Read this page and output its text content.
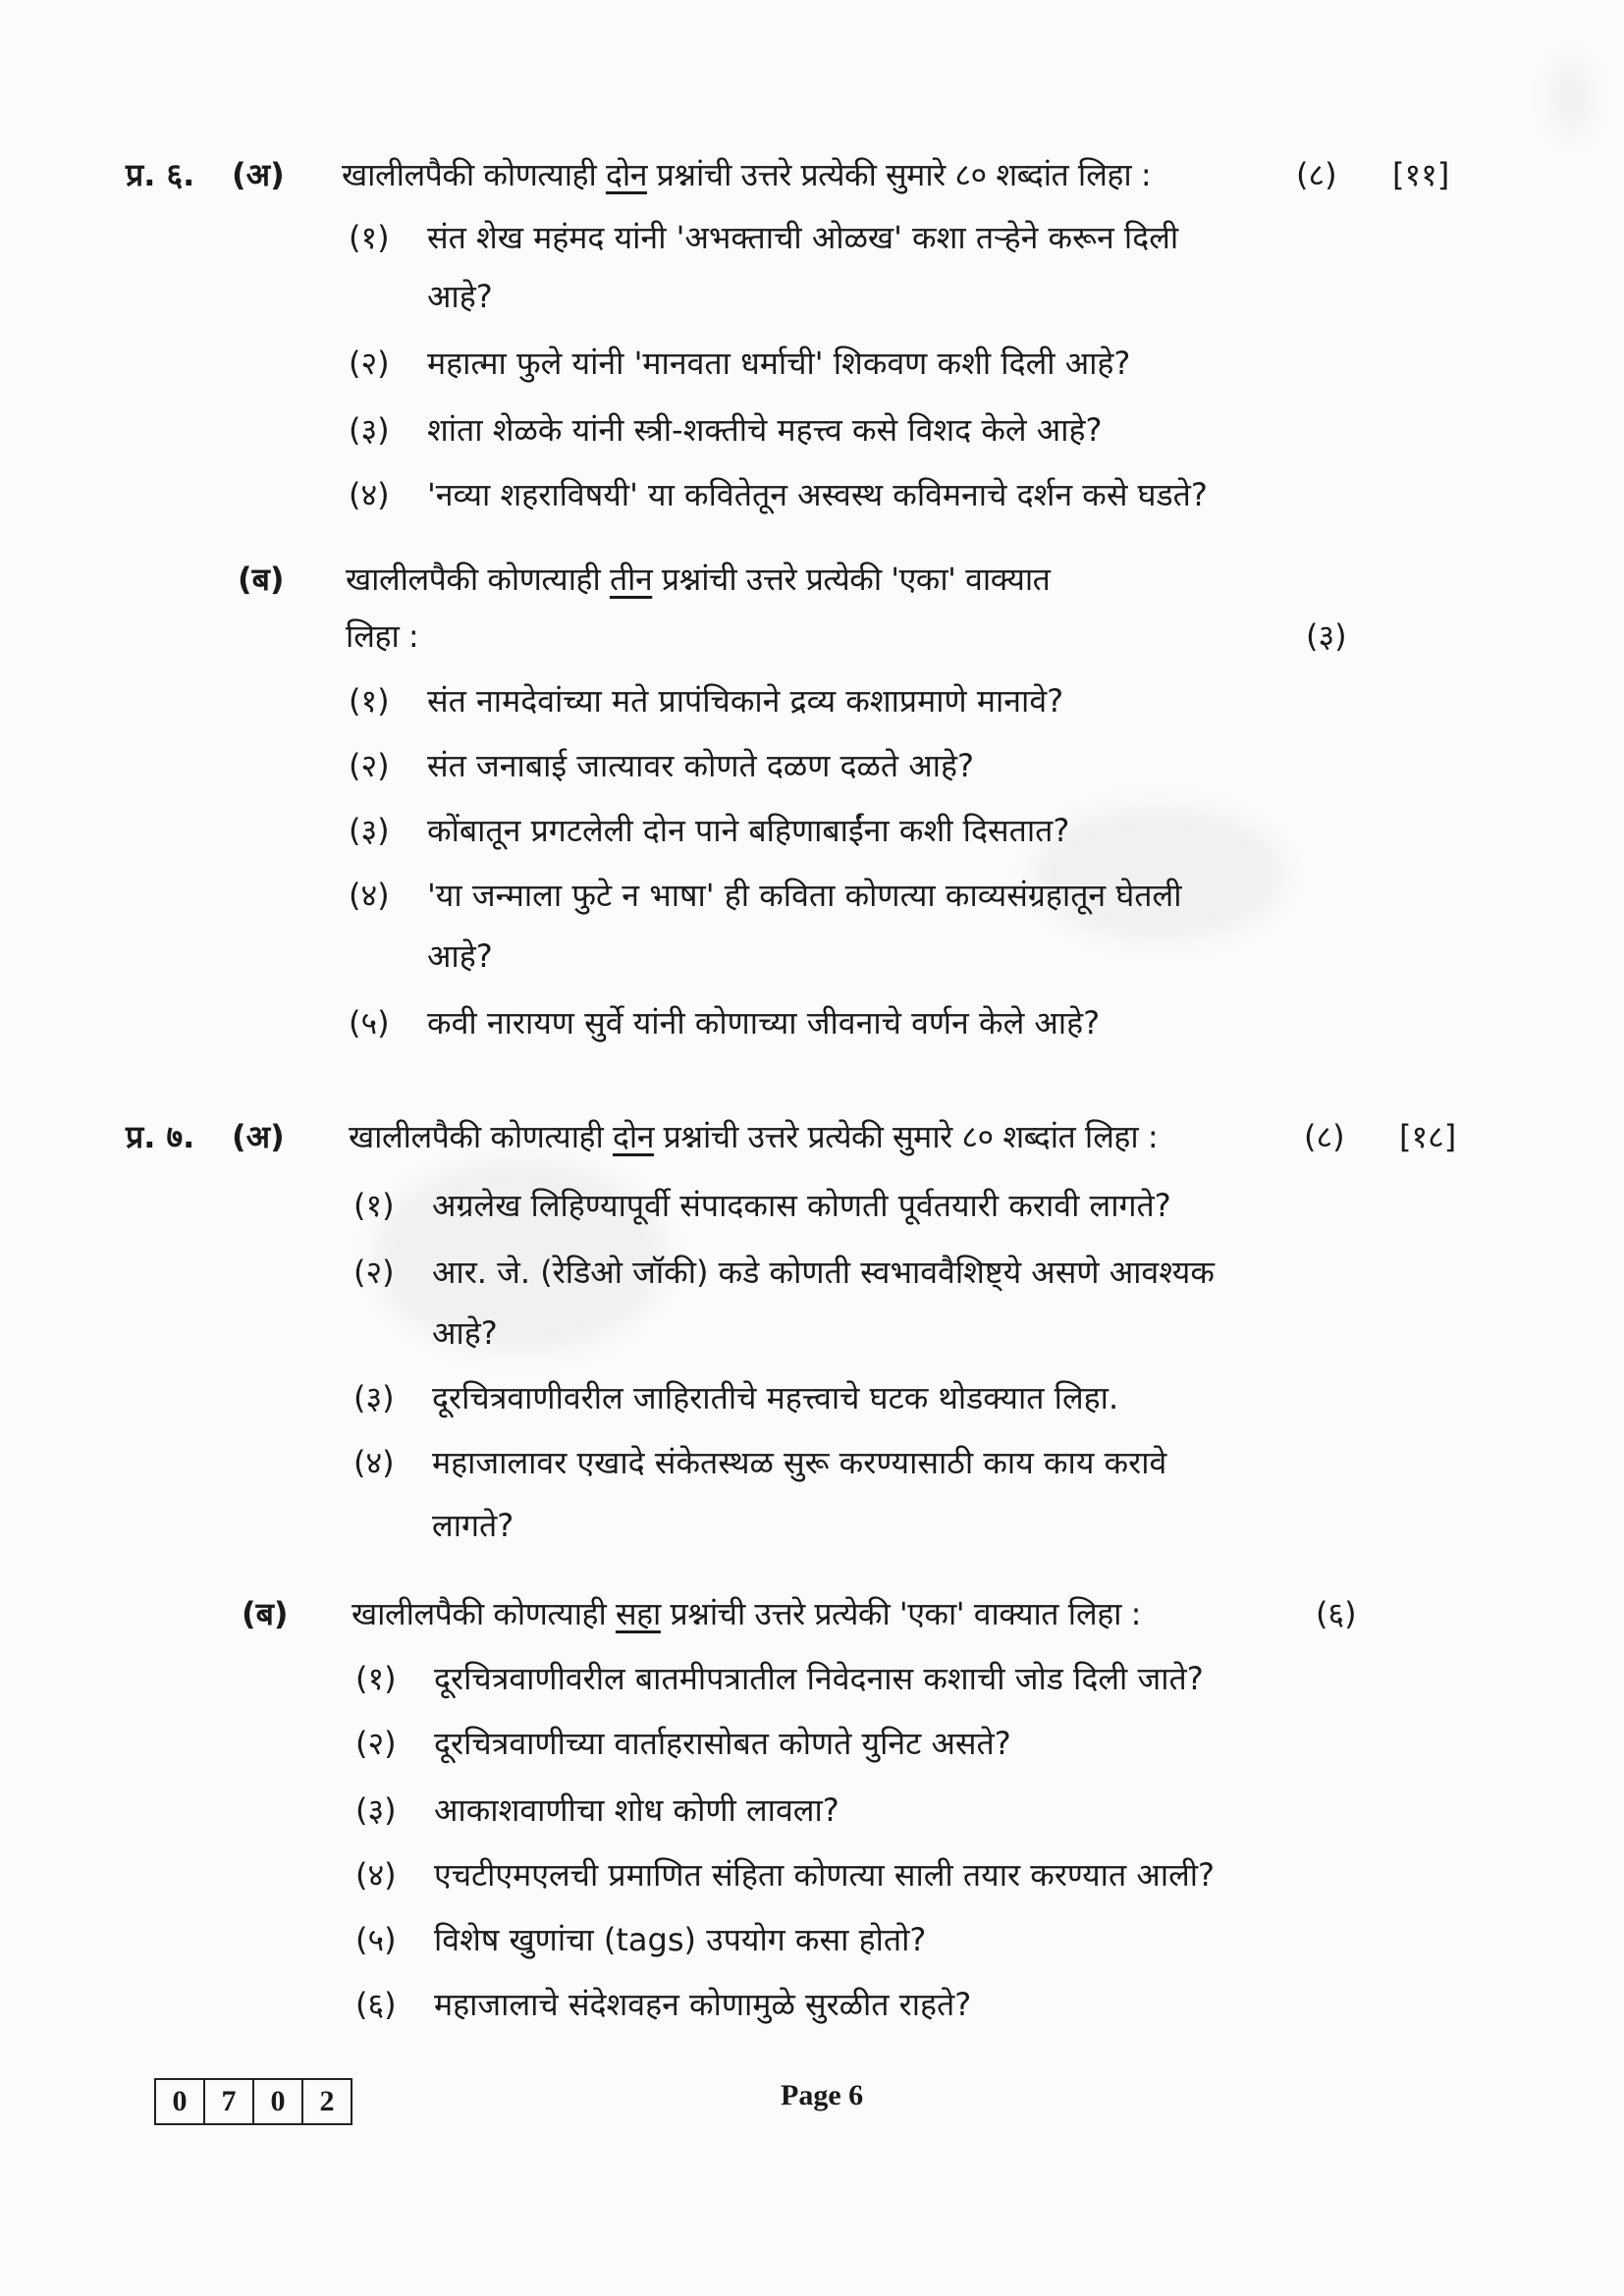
प्र. ६. (अ) खालीलपैकी कोणत्याही दोन प्रश्नांची उत्तरे प्रत्येकी सुमारे ८० शब्दांत लिहा :	(८) [११]
(१) संत शेख महंमद यांनी 'अभक्ताची ओळख' कशा तऱ्हेने करून दिली
आहे?
(२) महात्मा फुले यांनी 'मानवता धर्माची' शिकवण कशी दिली आहे?
(३) शांता शेळके यांनी स्त्री-शक्तीचे महत्त्व कसे विशद केले आहे?
(४) 'नव्या शहराविषयी' या कवितेतून अस्वस्थ कविमनाचे दर्शन कसे घडते?
(ब) खालीलपैकी कोणत्याही तीन प्रश्नांची उत्तरे प्रत्येकी 'एका' वाक्यात
लिहा :	(३)
(१) संत नामदेवांच्या मते प्रापंचिकाने द्रव्य कशाप्रमाणे मानावे?
(२) संत जनाबाई जात्यावर कोणते दळण दळते आहे?
(३) कोंबातून प्रगटलेली दोन पाने बहिणाबाईंना कशी दिसतात?
(४) 'या जन्माला फुटे न भाषा' ही कविता कोणत्या काव्यसंग्रहातून घेतली
आहे?
(५) कवी नारायण सुर्वे यांनी कोणाच्या जीवनाचे वर्णन केले आहे?
प्र. ७. (अ) खालीलपैकी कोणत्याही दोन प्रश्नांची उत्तरे प्रत्येकी सुमारे ८० शब्दांत लिहा :	(८) [१८]
(१) अग्रलेख लिहिण्यापूर्वी संपादकास कोणती पूर्वतयारी करावी लागते?
(२) आर. जे. (रेडिओ जॉकी) कडे कोणती स्वभाववैशिष्ट्ये असणे आवश्यक
आहे?
(३) दूरचित्रवाणीवरील जाहिरातीचे महत्त्वाचे घटक थोडक्यात लिहा.
(४) महाजालावर एखादे संकेतस्थळ सुरू करण्यासाठी काय काय करावे
लागते?
(ब) खालीलपैकी कोणत्याही सहा प्रश्नांची उत्तरे प्रत्येकी 'एका' वाक्यात लिहा :	(६)
(१) दूरचित्रवाणीवरील बातमीपत्रातील निवेदनास कशाची जोड दिली जाते?
(२) दूरचित्रवाणीच्या वार्ताहरासोबत कोणते युनिट असते?
(३) आकाशवाणीचा शोध कोणी लावला?
(४) एचटीएमएलची प्रमाणित संहिता कोणत्या साली तयार करण्यात आली?
(५) विशेष खुणांचा (tags) उपयोग कसा होतो?
(६) महाजालाचे संदेशवहन कोणामुळे सुरळीत राहते?
0	7	0	2	Page 6
